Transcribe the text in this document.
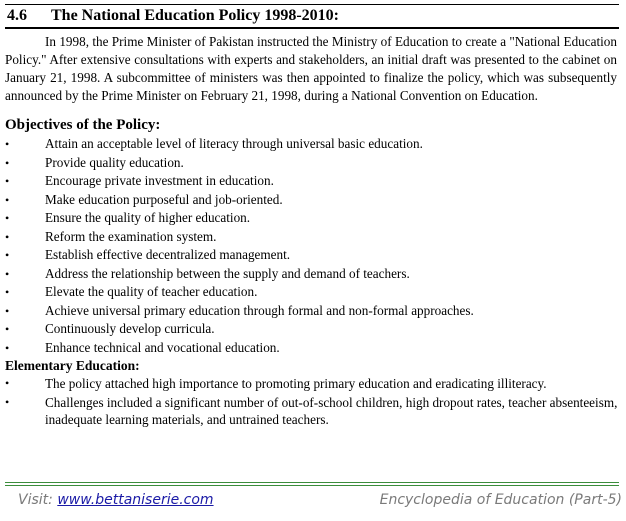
4.6	The National Education Policy 1998-2010:

In 1998, the Prime Minister of Pakistan instructed the Ministry of Education to create a "National Education Policy." After extensive consultations with experts and stakeholders, an initial draft was presented to the cabinet on January 21, 1998. A subcommittee of ministers was then appointed to finalize the policy, which was subsequently announced by the Prime Minister on February 21, 1998, during a National Convention on Education.

Objectives of the Policy:
•	Attain an acceptable level of literacy through universal basic education.
•	Provide quality education.
•	Encourage private investment in education.
•	Make education purposeful and job-oriented.
•	Ensure the quality of higher education.
•	Reform the examination system.
•	Establish effective decentralized management.
•	Address the relationship between the supply and demand of teachers.
•	Elevate the quality of teacher education.
•	Achieve universal primary education through formal and non-formal approaches.
•	Continuously develop curricula.
•	Enhance technical and vocational education.
Elementary Education:
•	The policy attached high importance to promoting primary education and eradicating illiteracy.
•	Challenges included a significant number of out-of-school children, high dropout rates, teacher absenteeism, inadequate learning materials, and untrained teachers.
Visit: www.bettaniserie.com	Encyclopedia of Education (Part-5)
